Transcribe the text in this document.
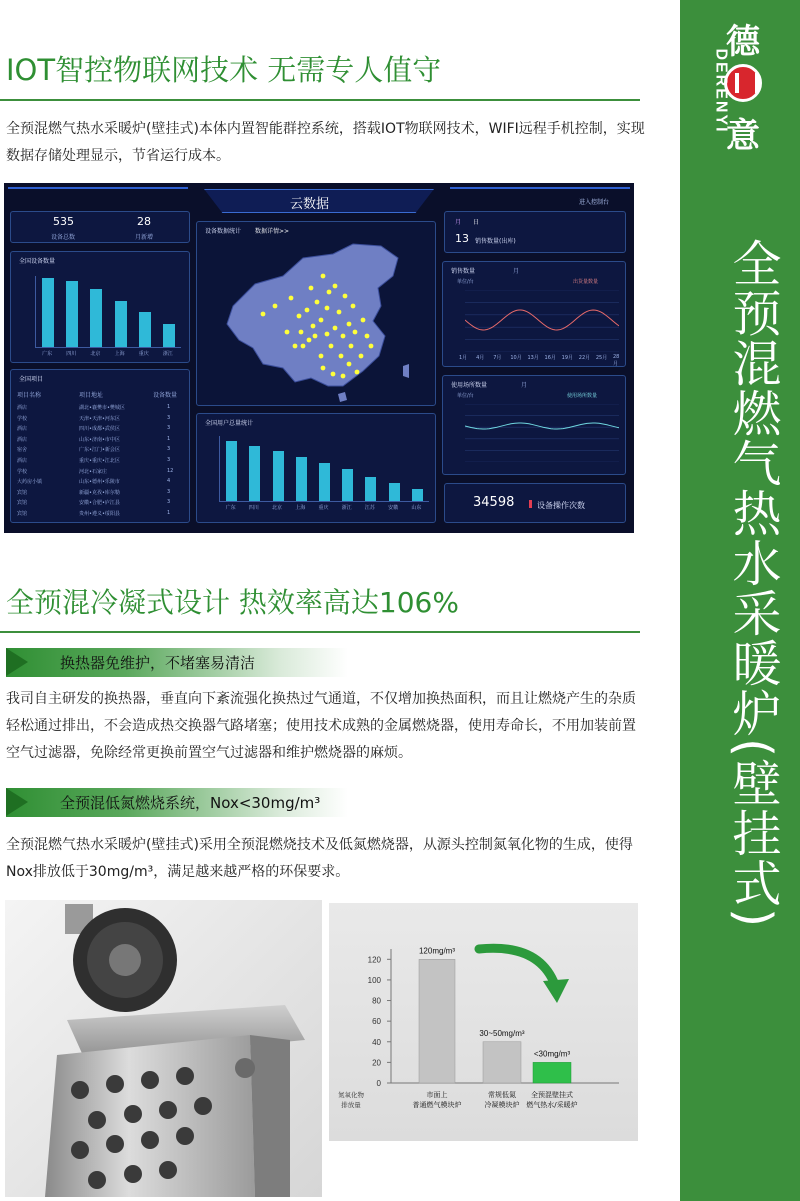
德
意
DERENYI
全预混燃气热水采暖炉(壁挂式)
IOT智控物联网技术 无需专人值守
全预混燃气热水采暖炉(壁挂式)本体内置智能群控系统，搭载IOT物联网技术，WIFI远程手机控制，实现数据存储处理显示，节省运行成本。
云数据	进入控制台
535
设备总数
28
月新增
全国设备数量
广东	四川	北京	上海	重庆	浙江
全国项目
项目名称	项目地址	设备数量
酒店	湖北•襄樊市•樊城区	1
学校	天津•天津•河东区	3
酒店	四川•成都•武侯区	3
酒店	山东•济南•市中区	1
宿舍	广东•江门•新会区	3
酒店	重庆•重庆•江北区	3
学校	河北•石家庄	12
大药房小镇	山东•德州•乐陵市	4
宾馆	新疆•克孜•库尔勒	3
宾馆	安徽•合肥•庐江县	3
宾馆	贵州•遵义•绥阳县	1
设备数据统计 数据详情>>
全国用户总量统计
广东	四川	北京	上海	重庆	浙江	江苏	安徽	山东
月 日
13 销售数量(出库)
销售数量	月
单位/台	出货量数量
1月 4月 7月 10月 13月 16月 19月 22月 25月 28月
使用场所数量	月
单位/台	使用场所数量
34598	设备操作次数
全预混冷凝式设计 热效率高达106%
换热器免维护，不堵塞易清洁
我司自主研发的换热器，垂直向下紊流强化换热过气通道，不仅增加换热面积，而且让燃烧产生的杂质轻松通过排出，不会造成热交换器气路堵塞；使用技术成熟的金属燃烧器，使用寿命长，不用加装前置空气过滤器，免除经常更换前置空气过滤器和维护燃烧器的麻烦。
全预混低氮燃烧系统，Nox<30mg/m³
全预混燃气热水采暖炉(壁挂式)采用全预混燃烧技术及低氮燃烧器，从源头控制氮氧化物的生成，使得Nox排放低于30mg/m³，满足越来越严格的环保要求。
0
20
40
60
80
100
120
120mg/m³
市面上
普通燃气模块炉
30~50mg/m³
常规低氮
冷凝模块炉
<30mg/m³
全预混壁挂式
燃气热水/采暖炉
氮氧化物
排放量
